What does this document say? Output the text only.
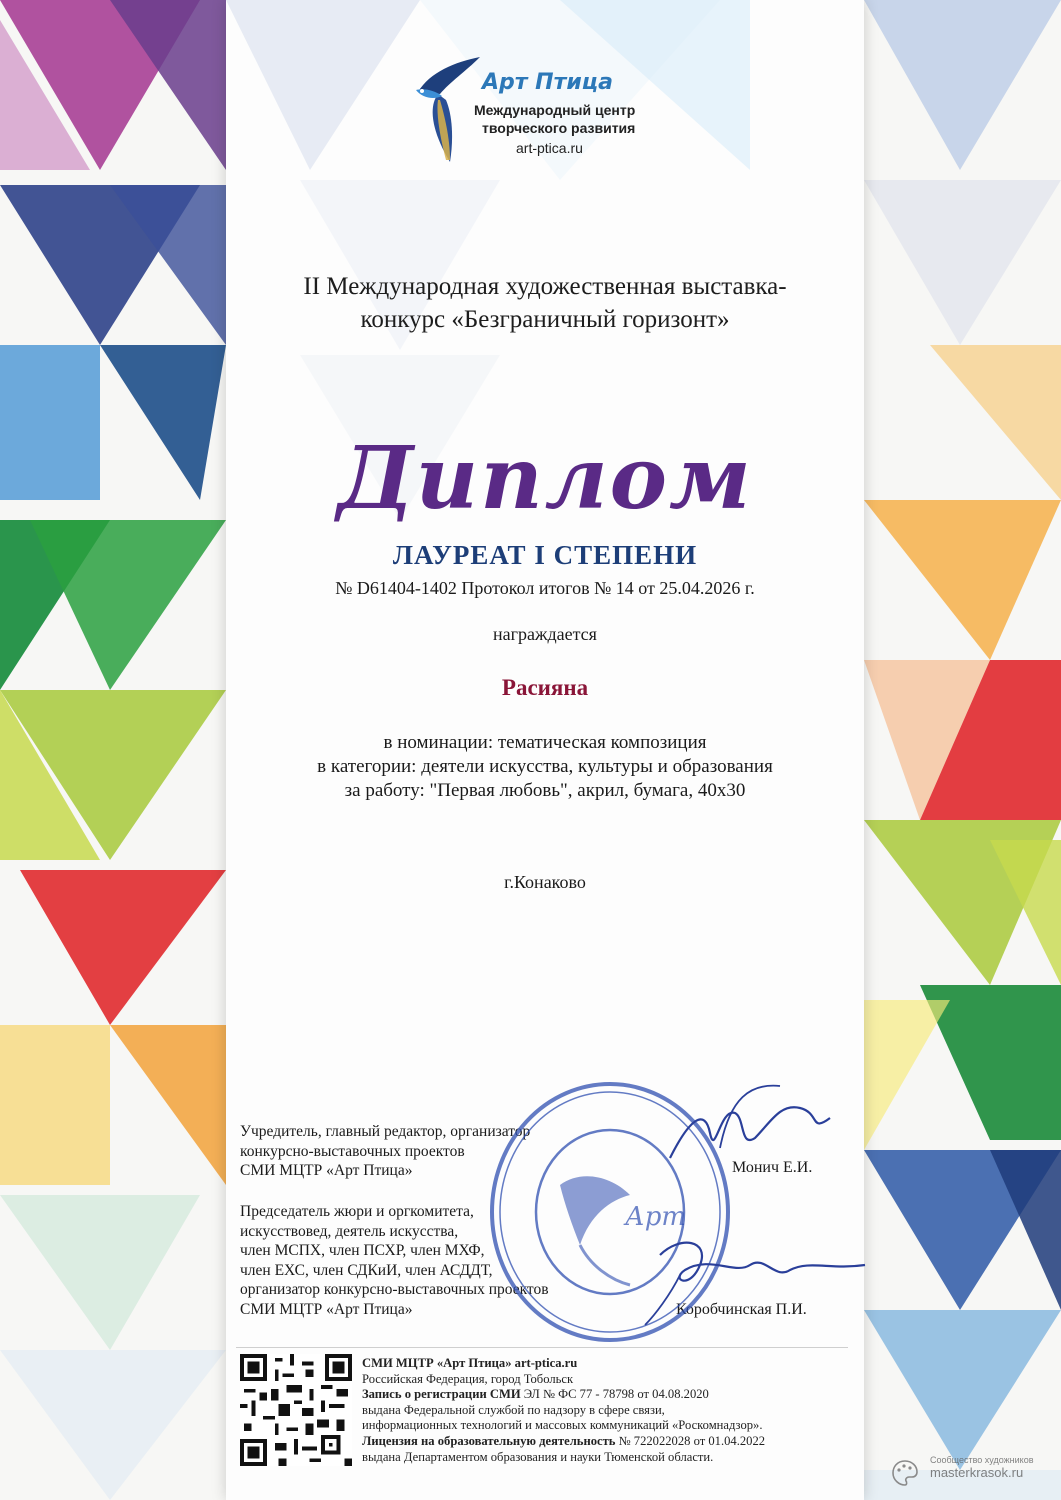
Арт Птица
Международный центр
творческого развития
art-ptica.ru
II Международная художественная выставка-
конкурс «Безграничный горизонт»
Диплом
ЛАУРЕАТ I СТЕПЕНИ
№ D61404-1402 Протокол итогов № 14 от 25.04.2026 г.
награждается
Расияна
в номинации: тематическая композиция
в категории: деятели искусства, культуры и образования
за работу: "Первая любовь", акрил, бумага, 40х30
г.Конаково
Учредитель, главный редактор, организатор
конкурсно-выставочных проектов
СМИ МЦТР «Арт Птица»	Монич Е.И.
Председатель жюри и оргкомитета,
искусствовед, деятель искусства,
член МСПХ, член ПСХР, член МХФ,
член ЕХС, член СДКиИ, член АСДДТ,
организатор конкурсно-выставочных проектов
СМИ МЦТР «Арт Птица»	Коробчинская П.И.
Арт
СМИ МЦТР «Арт Птица» art-ptica.ru
Российская Федерация, город Тобольск
Запись о регистрации СМИ ЭЛ № ФС 77 - 78798 от 04.08.2020
выдана Федеральной службой по надзору в сфере связи,
информационных технологий и массовых коммуникаций «Роскомнадзор».
Лицензия на образовательную деятельность № 722022028 от 01.04.2022
выдана Департаментом образования и науки Тюменской области.	Сообщество художников
masterkrasok.ru
